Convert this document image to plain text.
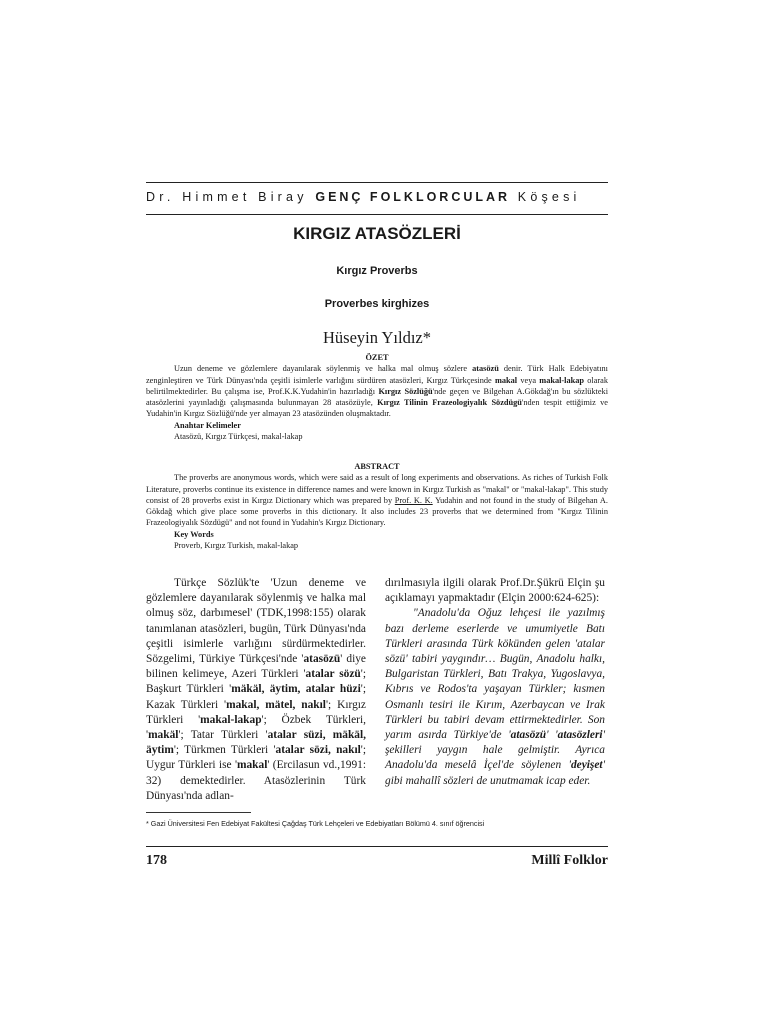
Dr. Himmet Biray GENÇ FOLKLORCULAR Köşesi
KIRGIZ ATASÖZLERİ
Kırgız Proverbs
Proverbes kirghizes
Hüseyin Yıldız*
ÖZET
Uzun deneme ve gözlemlere dayanılarak söylenmiş ve halka mal olmuş sözlere atasözü denir. Türk Halk Edebiyatını zenginleştiren ve Türk Dünyası'nda çeşitli isimlerle varlığını sürdüren atasözleri, Kırgız Türkçesinde makal veya makal-lakap olarak belirtilmektedirler. Bu çalışma ise, Prof.K.K.Yudahin'in hazırladığı Kırgız Sözlüğü'nde geçen ve Bilgehan A.Gökdağ'ın bu sözlükteki atasözlerini yayınladığı çalışmasında bulunmayan 28 atasözüyle, Kırgız Tilinin Frazeologiyalık Sözdügü'nden tespit ettiğimiz ve Yudahin'in Kırgız Sözlüğü'nde yer almayan 23 atasözünden oluşmaktadır.
Anahtar Kelimeler
Atasözü, Kırgız Türkçesi, makal-lakap
ABSTRACT
The proverbs are anonymous words, which were said as a result of long experiments and observations. As riches of Turkish Folk Literature, proverbs continue its existence in difference names and were known in Kırgız Turkish as "makal" or "makal-lakap". This study consist of 28 proverbs exist in Kırgız Dictionary which was prepared by Prof. K. K. Yudahin and not found in the study of Bilgehan A. Gökdağ which give place some proverbs in this dictionary. It also includes 23 proverbs that we determined from "Kırgız Tilinin Frazeologiyalık Sözdügü" and not found in Yudahin's Kırgız Dictionary.
Key Words
Proverb, Kırgız Turkish, makal-lakap

Türkçe Sözlük'te 'Uzun deneme ve gözlemlere dayanılarak söylenmiş ve halka mal olmuş söz, darbımesel' (TDK,1998:155) olarak tanımlanan atasözleri, bugün, Türk Dünyası'nda çeşitli isimlerle varlığını sürdürmektedirler. Sözgelimi, Türkiye Türkçesi'nde 'atasözü' diye bilinen kelimeye, Azeri Türkleri 'atalar sözü'; Başkurt Türkleri 'mäkäl, äytim, atalar hüzi'; Kazak Türkleri 'makal, mätel, nakıl'; Kırgız Türkleri 'makal-lakap'; Özbek Türkleri, 'makäl'; Tatar Türkleri 'atalar süzi, mäkäl, äytim'; Türkmen Türkleri 'atalar sözi, nakıl'; Uygur Türkleri ise 'makal' (Ercilasun vd.,1991: 32) demektedirler. Atasözlerinin Türk Dünyası'nda adlan-

dırılmasıyla ilgili olarak Prof.Dr.Şükrü Elçin şu açıklamayı yapmaktadır (Elçin 2000:624-625):

"Anadolu'da Oğuz lehçesi ile yazılmış bazı derleme eserlerde ve umumiyetle Batı Türkleri arasında Türk kökünden gelen 'atalar sözü' tabiri yaygındır… Bugün, Anadolu halkı, Bulgaristan Türkleri, Batı Trakya, Yugoslavya, Kıbrıs ve Rodos'ta yaşayan Türkler; kısmen Osmanlı tesiri ile Kırım, Azerbaycan ve Irak Türkleri bu tabiri devam ettirmektedirler. Son yarım asırda Türkiye'de 'atasözü' 'atasözleri' şekilleri yaygın hale gelmiştir. Ayrıca Anadolu'da meselâ İçel'de söylenen 'deyişet' gibi mahallî sözleri de unutmamak icap eder.

* Gazi Üniversitesi Fen Edebiyat Fakültesi Çağdaş Türk Lehçeleri ve Edebiyatları Bölümü 4. sınıf öğrencisi
178	Millî Folklor
